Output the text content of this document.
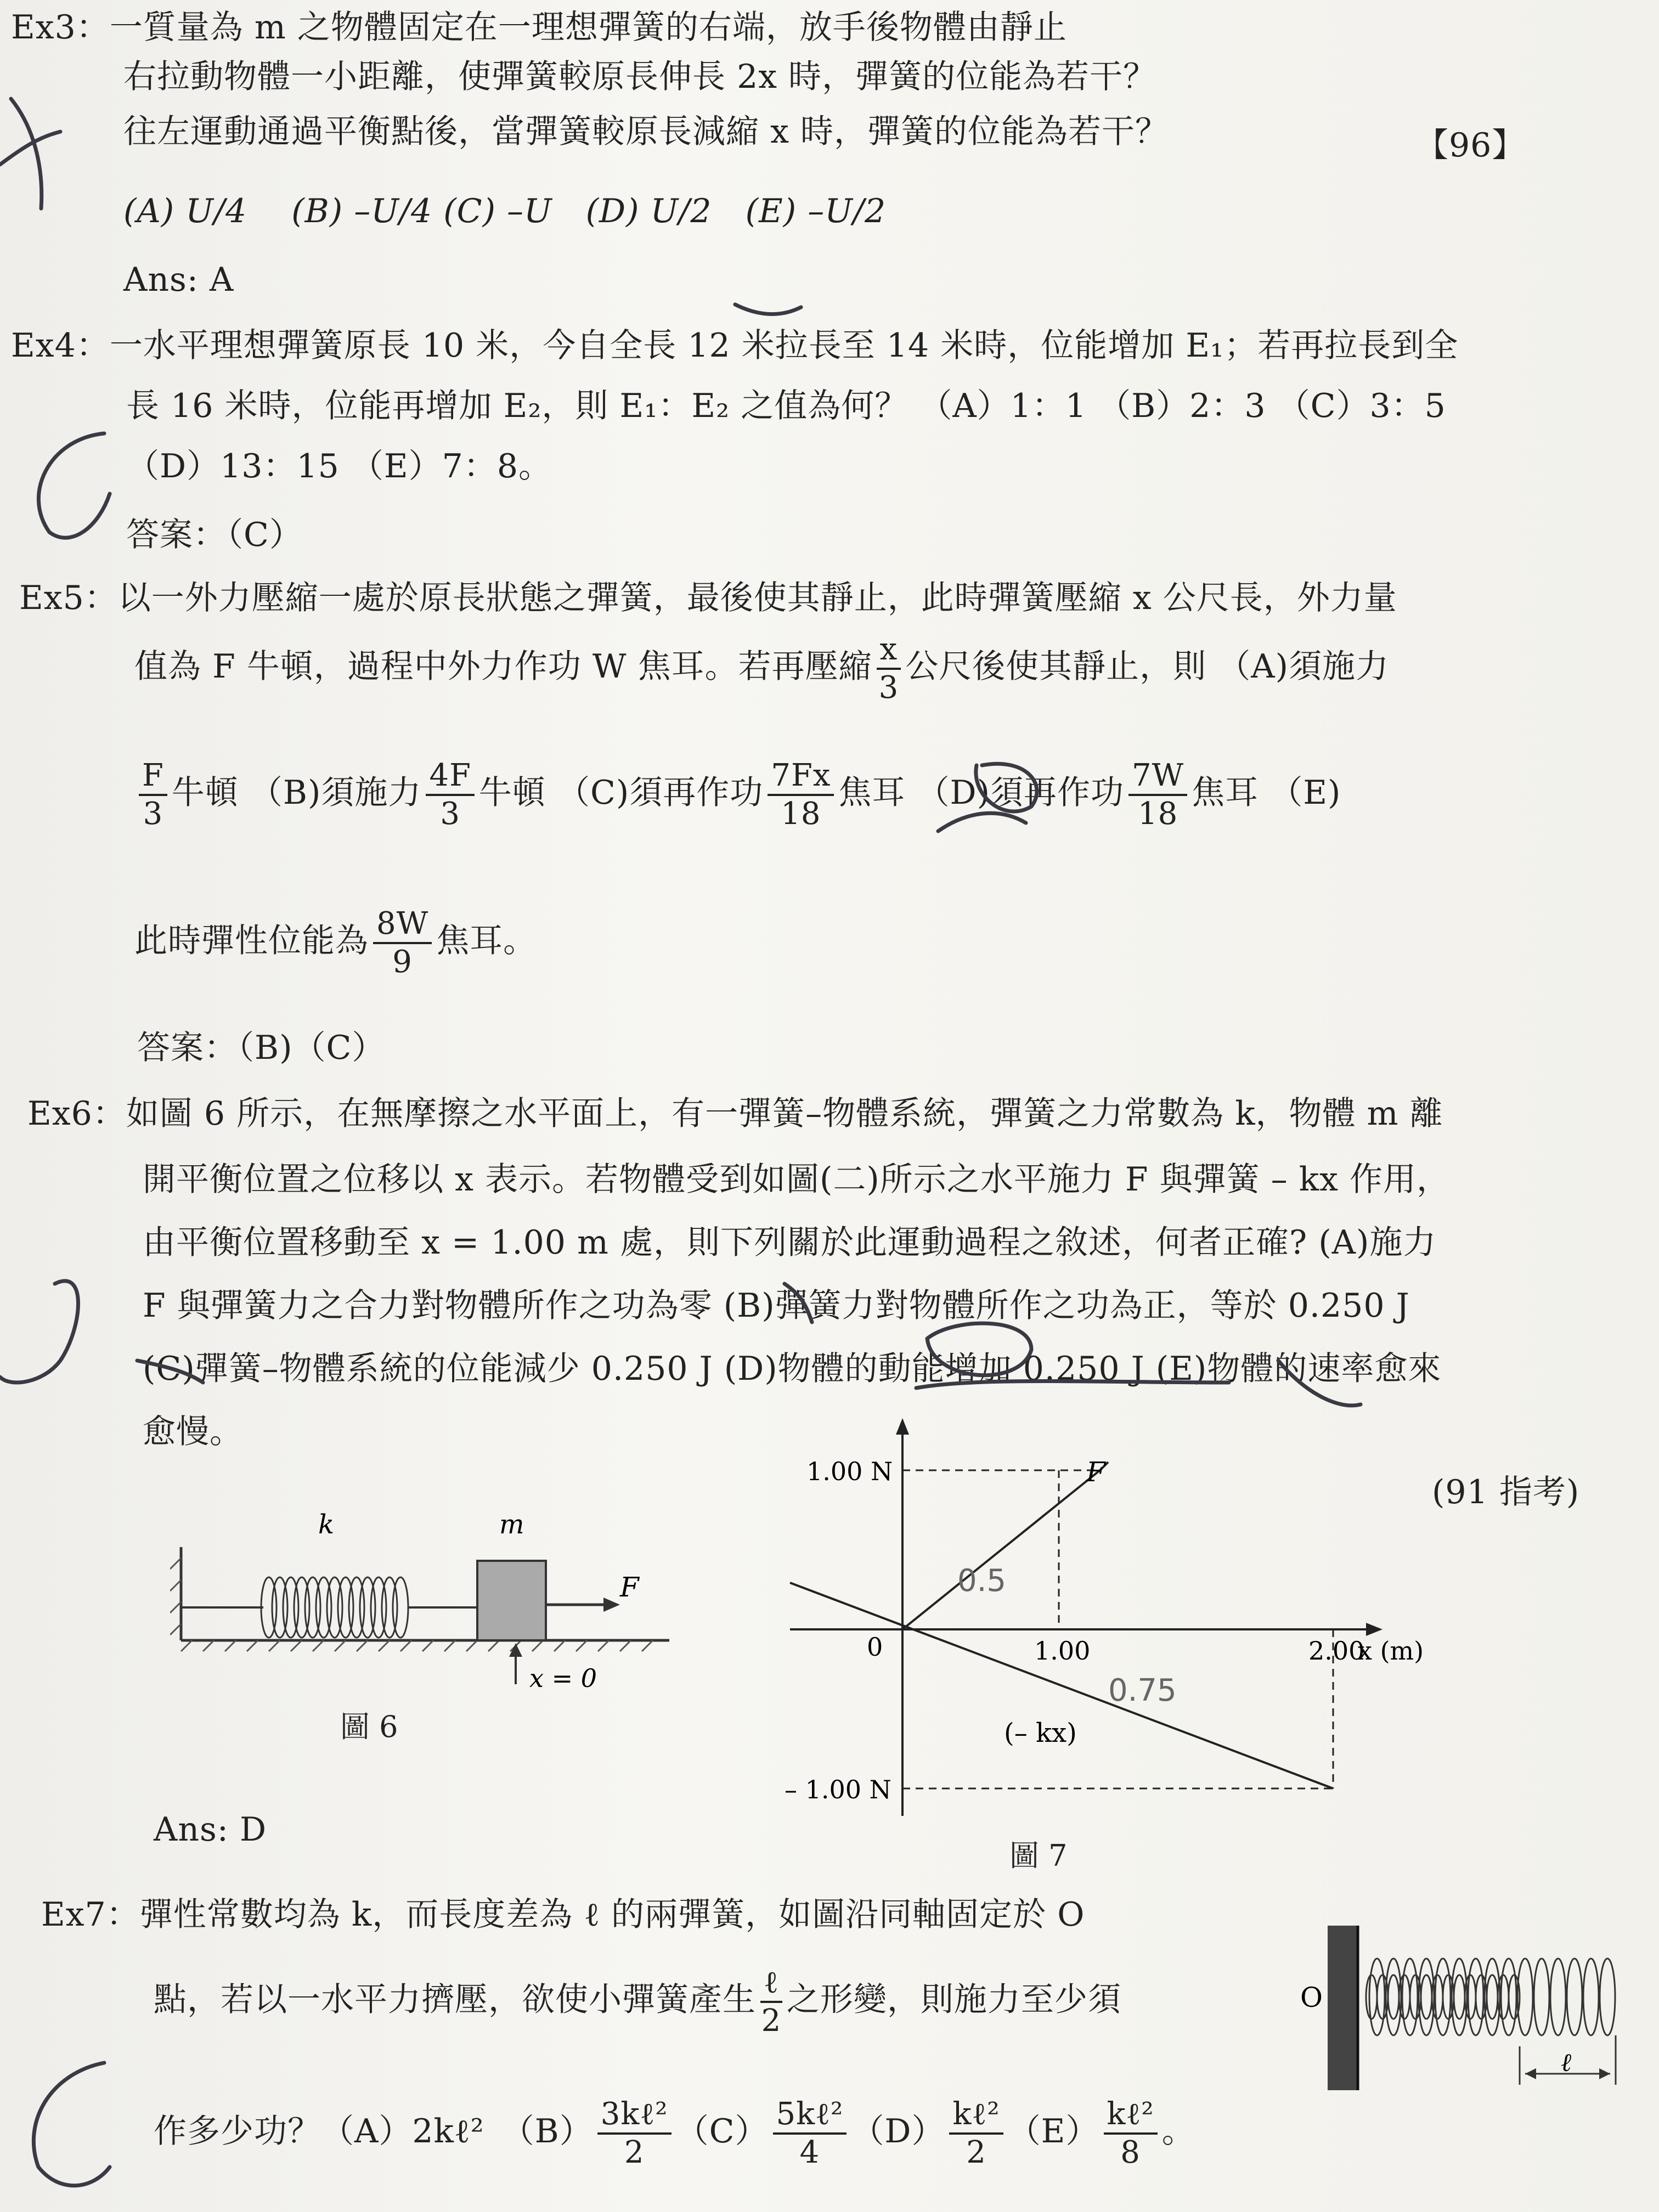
Ex3：一質量為 m 之物體固定在一理想彈簧的右端，放手後物體由靜止
右拉動物體一小距離，使彈簧較原長伸長 2x 時，彈簧的位能為若干？
往左運動通過平衡點後，當彈簧較原長減縮 x 時，彈簧的位能為若干？	【96】
(A) U/4　 (B) –U/4 (C) –U　(D) U/2　(E) –U/2
Ans: A
Ex4：一水平理想彈簧原長 10 米，今自全長 12 米拉長至 14 米時，位能增加 E₁；若再拉長到全
長 16 米時，位能再增加 E₂，則 E₁：E₂ 之值為何？ （A）1：1 （B）2：3 （C）3：5
（D）13：15 （E）7：8。
答案：（C）
Ex5：以一外力壓縮一處於原長狀態之彈簧，最後使其靜止，此時彈簧壓縮 x 公尺長，外力量
值為 F 牛頓，過程中外力作功 W 焦耳。若再壓縮 $\frac{x}{3}$ 公尺後使其靜止，則 （A)須施力
$\frac{F}{3}$ 牛頓 （B)須施力 $\frac{4F}{3}$ 牛頓 （C)須再作功 $\frac{7Fx}{18}$ 焦耳 （D)須再作功 $\frac{7W}{18}$ 焦耳 （E)
此時彈性位能為 $\frac{8W}{9}$ 焦耳。
答案：（B)（C）
Ex6：如圖 6 所示，在無摩擦之水平面上，有一彈簧–物體系統，彈簧之力常數為 k，物體 m 離
開平衡位置之位移以 x 表示。若物體受到如圖(二)所示之水平施力 F 與彈簧 – kx 作用，
由平衡位置移動至 x = 1.00 m 處，則下列關於此運動過程之敘述，何者正確? (A)施力
F 與彈簧力之合力對物體所作之功為零 (B)彈簧力對物體所作之功為正，等於 0.250 J
(C)彈簧–物體系統的位能減少 0.250 J (D)物體的動能增加 0.250 J (E)物體的速率愈來
愈慢。
(91 指考)
k	m
F
x = 0
圖 6
1.00 N
– 1.00 N
0	1.00	2.00
x (m)
F
(– kx)
0.5
0.75
圖 7
Ans: D
Ex7：彈性常數均為 k，而長度差為 ℓ 的兩彈簧，如圖沿同軸固定於 O
點，若以一水平力擠壓，欲使小彈簧產生 $\frac{\text{ℓ}}{2}$ 之形變，則施力至少須
作多少功？（A）2kℓ²　$(B) \frac{\text{3kℓ²}}{2} (C) \frac{\text{5kℓ²}}{4} (D) \frac{\text{kℓ²}}{2} (E) \frac{\text{kℓ²}}{8}$ 。
ℓ
O
